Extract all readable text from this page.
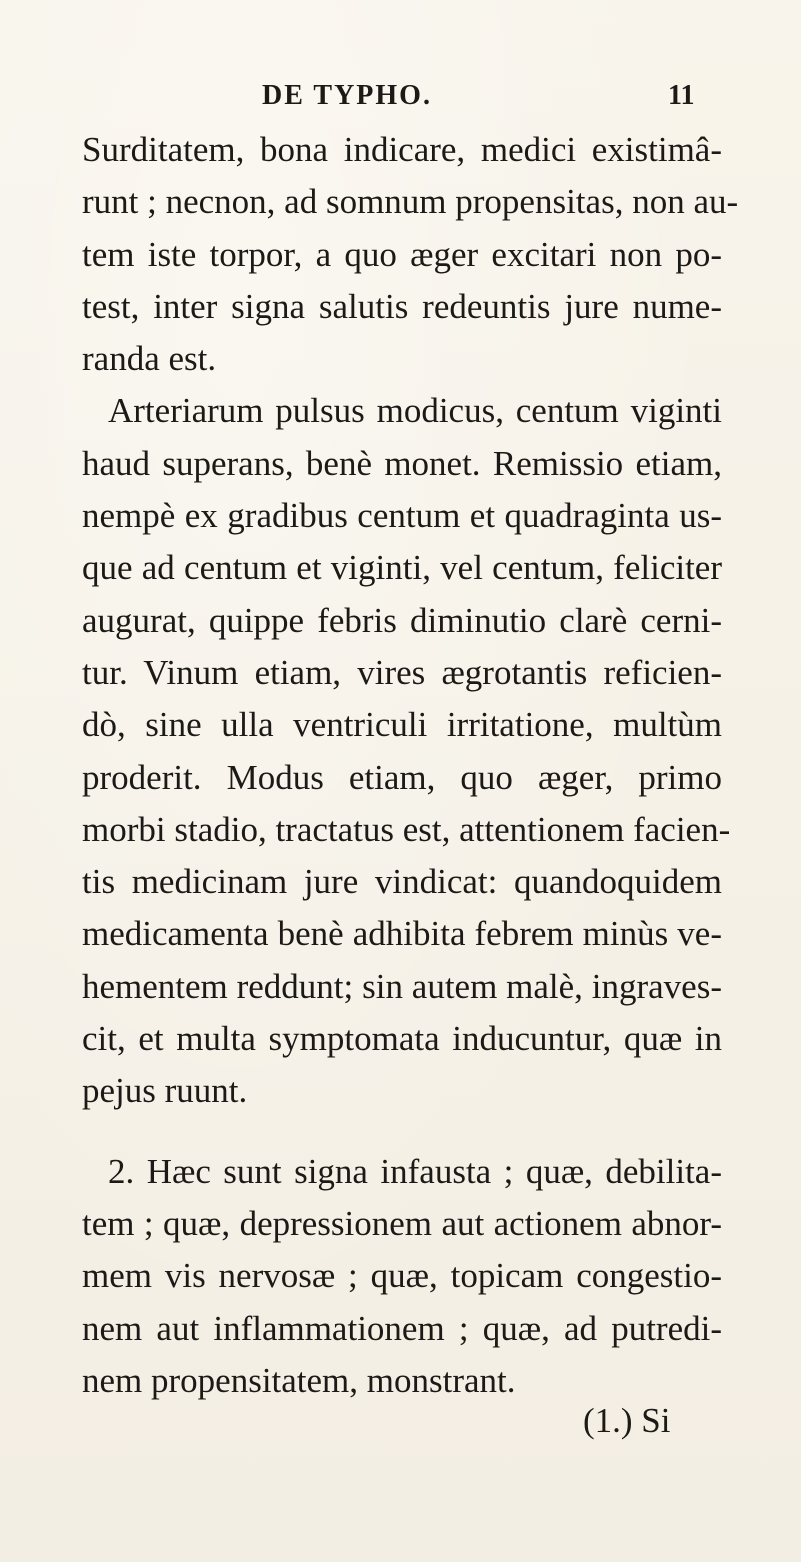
DE TYPHO.	11
Surditatem, bona indicare, medici existimâ-
runt ; necnon, ad somnum propensitas, non au-
tem iste torpor, a quo æger excitari non po-
test, inter signa salutis redeuntis jure nume-
randa est.
Arteriarum pulsus modicus, centum viginti
haud superans, benè monet. Remissio etiam,
nempè ex gradibus centum et quadraginta us-
que ad centum et viginti, vel centum, feliciter
augurat, quippe febris diminutio clarè cerni-
tur. Vinum etiam, vires ægrotantis reficien-
dò, sine ulla ventriculi irritatione, multùm
proderit. Modus etiam, quo æger, primo
morbi stadio, tractatus est, attentionem facien-
tis medicinam jure vindicat: quandoquidem
medicamenta benè adhibita febrem minùs ve-
hementem reddunt; sin autem malè, ingraves-
cit, et multa symptomata inducuntur, quæ in
pejus ruunt.
2. Hæc sunt signa infausta ; quæ, debilita-
tem ; quæ, depressionem aut actionem abnor-
mem vis nervosæ ; quæ, topicam congestio-
nem aut inflammationem ; quæ, ad putredi-
nem propensitatem, monstrant.
(1.) Si
